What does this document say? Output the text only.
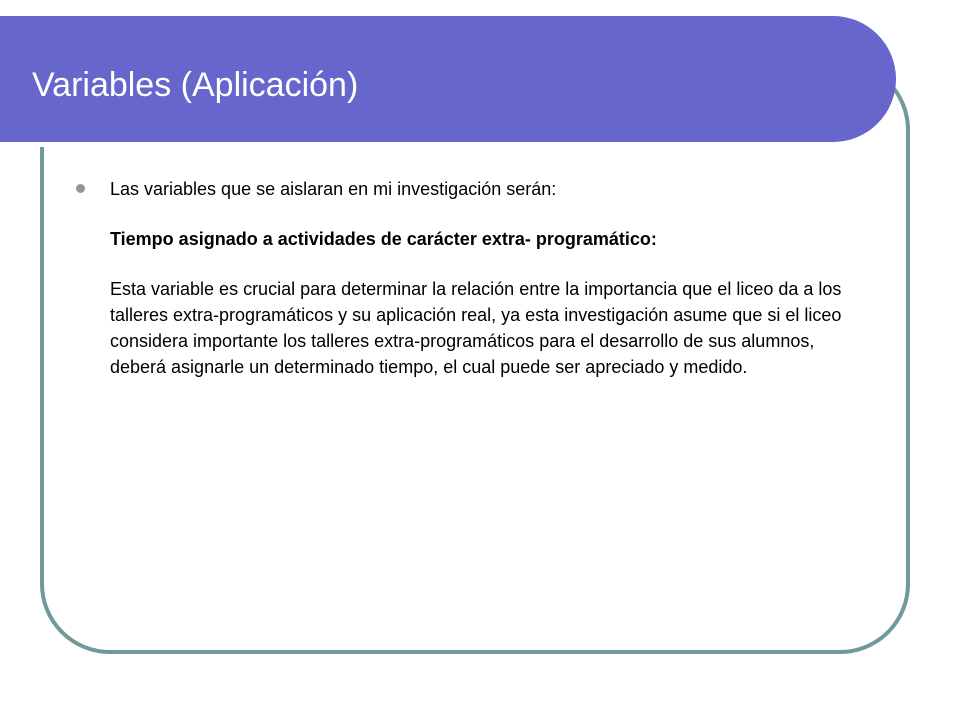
Variables (Aplicación)

Las variables que se aislaran en mi investigación serán:

Tiempo asignado a actividades de carácter extra- programático:

Esta variable es crucial para determinar la relación entre la importancia que el liceo da a los talleres extra-programáticos y su aplicación real, ya esta investigación asume que si el liceo considera importante los talleres extra-programáticos para el desarrollo de sus alumnos, deberá asignarle un determinado tiempo, el cual puede ser apreciado y medido.
